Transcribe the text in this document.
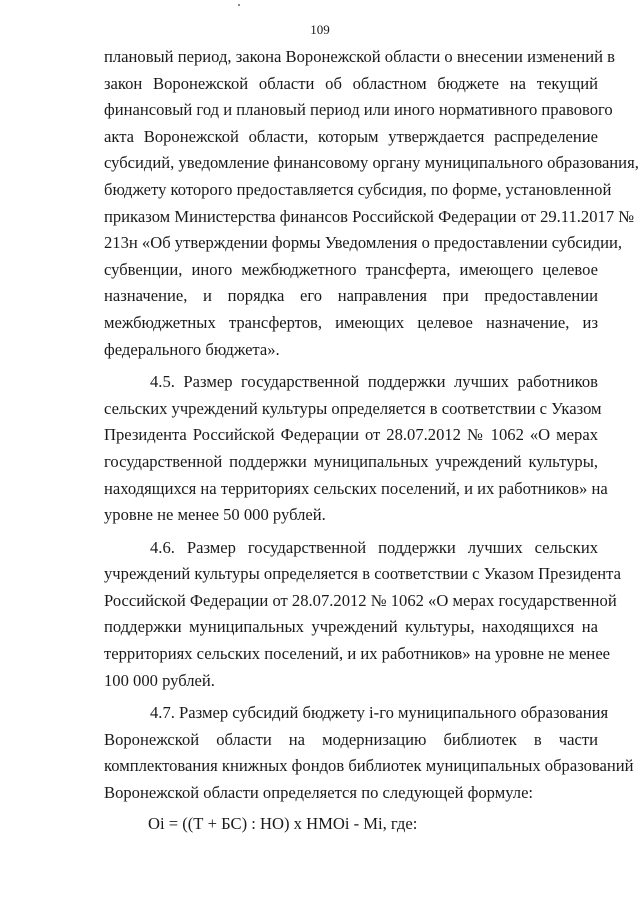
109
плановый период, закона Воронежской области о внесении изменений в
закон Воронежской области об областном бюджете на текущий
финансовый год и плановый период или иного нормативного правового
акта Воронежской области, которым утверждается распределение
субсидий, уведомление финансовому органу муниципального образования,
бюджету которого предоставляется субсидия, по форме, установленной
приказом Министерства финансов Российской Федерации от 29.11.2017 №
213н «Об утверждении формы Уведомления о предоставлении субсидии,
субвенции, иного межбюджетного трансферта, имеющего целевое
назначение, и порядка его направления при предоставлении
межбюджетных трансфертов, имеющих целевое назначение, из
федерального бюджета».
4.5. Размер государственной поддержки лучших работников
сельских учреждений культуры определяется в соответствии с Указом
Президента Российской Федерации от 28.07.2012 № 1062 «О мерах
государственной поддержки муниципальных учреждений культуры,
находящихся на территориях сельских поселений, и их работников» на
уровне не менее 50 000 рублей.
4.6. Размер государственной поддержки лучших сельских
учреждений культуры определяется в соответствии с Указом Президента
Российской Федерации от 28.07.2012 № 1062 «О мерах государственной
поддержки муниципальных учреждений культуры, находящихся на
территориях сельских поселений, и их работников» на уровне не менее
100 000 рублей.
4.7. Размер субсидий бюджету i-го муниципального образования
Воронежской области на модернизацию библиотек в части
комплектования книжных фондов библиотек муниципальных образований
Воронежской области определяется по следующей формуле:
Oi = ((Т + БС) : НО) х НМОi - Мi, где:
